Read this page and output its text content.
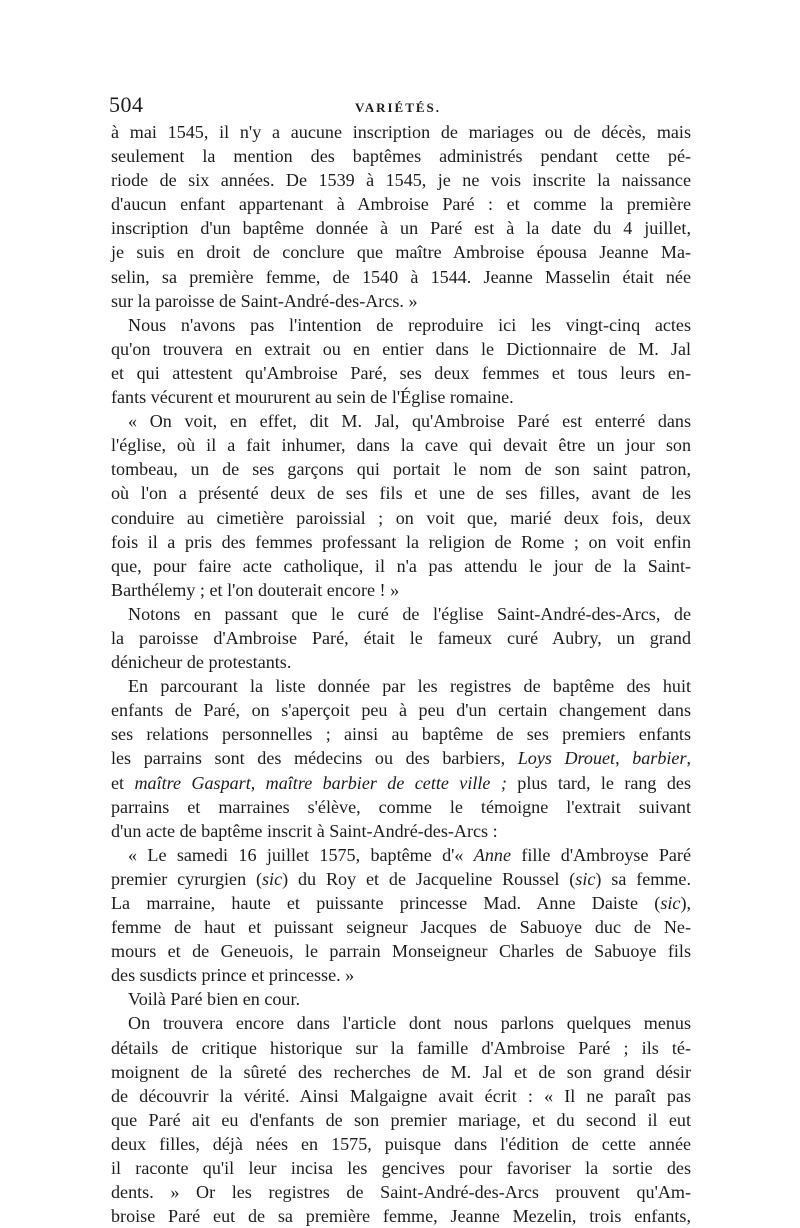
504	VARIÉTÉS.
à mai 1545, il n'y a aucune inscription de mariages ou de décès, mais
seulement la mention des baptêmes administrés pendant cette pé-
riode de six années. De 1539 à 1545, je ne vois inscrite la naissance
d'aucun enfant appartenant à Ambroise Paré : et comme la première
inscription d'un baptême donnée à un Paré est à la date du 4 juillet,
je suis en droit de conclure que maître Ambroise épousa Jeanne Ma-
selin, sa première femme, de 1540 à 1544. Jeanne Masselin était née
sur la paroisse de Saint-André-des-Arcs. »
Nous n'avons pas l'intention de reproduire ici les vingt-cinq actes
qu'on trouvera en extrait ou en entier dans le Dictionnaire de M. Jal
et qui attestent qu'Ambroise Paré, ses deux femmes et tous leurs en-
fants vécurent et moururent au sein de l'Église romaine.
« On voit, en effet, dit M. Jal, qu'Ambroise Paré est enterré dans
l'église, où il a fait inhumer, dans la cave qui devait être un jour son
tombeau, un de ses garçons qui portait le nom de son saint patron,
où l'on a présenté deux de ses fils et une de ses filles, avant de les
conduire au cimetière paroissial ; on voit que, marié deux fois, deux
fois il a pris des femmes professant la religion de Rome ; on voit enfin
que, pour faire acte catholique, il n'a pas attendu le jour de la Saint-
Barthélemy ; et l'on douterait encore ! »
Notons en passant que le curé de l'église Saint-André-des-Arcs, de
la paroisse d'Ambroise Paré, était le fameux curé Aubry, un grand
dénicheur de protestants.
En parcourant la liste donnée par les registres de baptême des huit
enfants de Paré, on s'aperçoit peu à peu d'un certain changement dans
ses relations personnelles ; ainsi au baptême de ses premiers enfants
les parrains sont des médecins ou des barbiers, Loys Drouet, barbier,
et maître Gaspart, maître barbier de cette ville ; plus tard, le rang des
parrains et marraines s'élève, comme le témoigne l'extrait suivant
d'un acte de baptême inscrit à Saint-André-des-Arcs :
« Le samedi 16 juillet 1575, baptême d'« Anne fille d'Ambroyse Paré
premier cyrurgien (sic) du Roy et de Jacqueline Roussel (sic) sa femme.
La marraine, haute et puissante princesse Mad. Anne Daiste (sic),
femme de haut et puissant seigneur Jacques de Sabuoye duc de Ne-
mours et de Geneuois, le parrain Monseigneur Charles de Sabuoye fils
des susdicts prince et princesse. »
Voilà Paré bien en cour.
On trouvera encore dans l'article dont nous parlons quelques menus
détails de critique historique sur la famille d'Ambroise Paré ; ils té-
moignent de la sûreté des recherches de M. Jal et de son grand désir
de découvrir la vérité. Ainsi Malgaigne avait écrit : « Il ne paraît pas
que Paré ait eu d'enfants de son premier mariage, et du second il eut
deux filles, déjà nées en 1575, puisque dans l'édition de cette année
il raconte qu'il leur incisa les gencives pour favoriser la sortie des
dents. » Or les registres de Saint-André-des-Arcs prouvent qu'Am-
broise Paré eut de sa première femme, Jeanne Mezelin, trois enfants,
